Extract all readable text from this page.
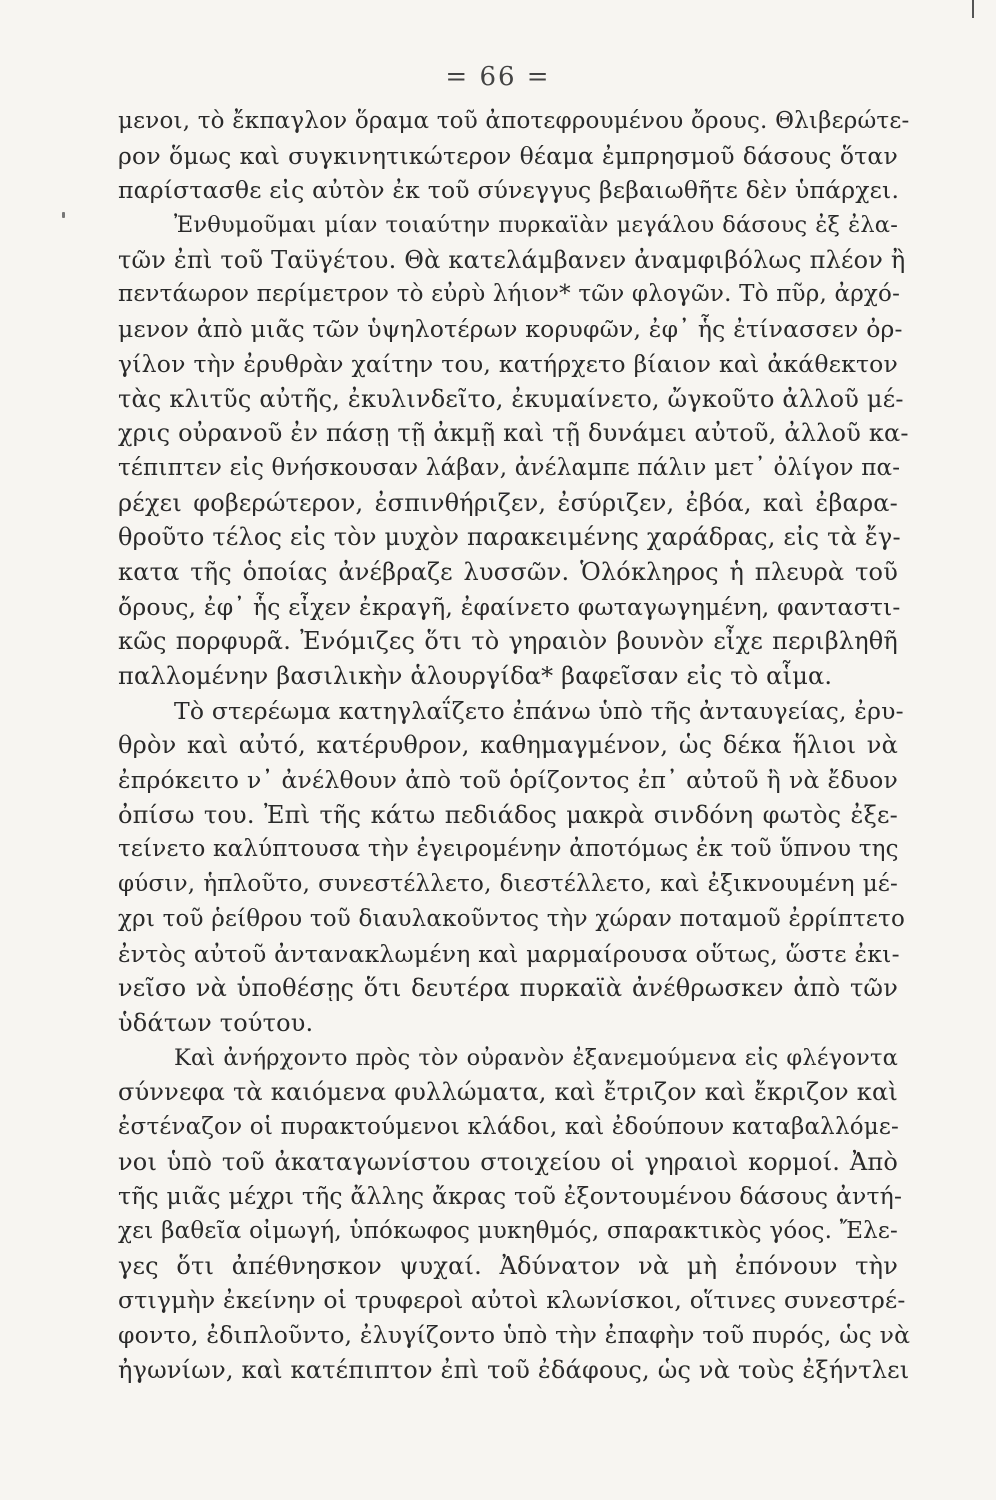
= 66 =
μενοι, τὸ ἔκπαγλον ὅραμα τοῦ ἀποτεφρουμένου ὄρους. Θλιβερώτε-
ρον ὅμως καὶ συγκινητικώτερον θέαμα ἐμπρησμοῦ δάσους ὅταν
παρίστασθε εἰς αὐτὸν ἐκ τοῦ σύνεγγυς βεβαιωθῆτε δὲν ὑπάρχει.
Ἐνθυμοῦμαι μίαν τοιαύτην πυρκαϊὰν μεγάλου δάσους ἐξ ἐλα-
τῶν ἐπὶ τοῦ Ταϋγέτου. Θὰ κατελάμβανεν ἀναμφιβόλως πλέον ἢ
πεντάωρον περίμετρον τὸ εὐρὺ λήιον* τῶν φλογῶν. Τὸ πῦρ, ἀρχό-
μενον ἀπὸ μιᾶς τῶν ὑψηλοτέρων κορυφῶν, ἐφ᾽ ἧς ἐτίνασσεν ὀρ-
γίλον τὴν ἐρυθρὰν χαίτην του, κατήρχετο βίαιον καὶ ἀκάθεκτον
τὰς κλιτῦς αὐτῆς, ἐκυλινδεῖτο, ἐκυμαίνετο, ὤγκοῦτο ἀλλοῦ μέ-
χρις οὐρανοῦ ἐν πάσῃ τῇ ἀκμῇ καὶ τῇ δυνάμει αὐτοῦ, ἀλλοῦ κα-
τέπιπτεν εἰς θνήσκουσαν λάβαν, ἀνέλαμπε πάλιν μετ᾽ ὀλίγον πα-
ρέχει φοβερώτερον, ἐσπινθήριζεν, ἐσύριζεν, ἐβόα, καὶ ἐβαρα-
θροῦτο τέλος εἰς τὸν μυχὸν παρακειμένης χαράδρας, εἰς τὰ ἔγ-
κατα τῆς ὁποίας ἀνέβραζε λυσσῶν. Ὁλόκληρος ἡ πλευρὰ τοῦ
ὄρους, ἐφ᾽ ἧς εἶχεν ἐκραγῆ, ἐφαίνετο φωταγωγημένη, φανταστι-
κῶς πορφυρᾶ. Ἐνόμιζες ὅτι τὸ γηραιὸν βουνὸν εἶχε περιβληθῆ
παλλομένην βασιλικὴν ἁλουργίδα* βαφεῖσαν εἰς τὸ αἷμα.
Τὸ στερέωμα κατηγλαΐζετο ἐπάνω ὑπὸ τῆς ἀνταυγείας, ἐρυ-
θρὸν καὶ αὐτό, κατέρυθρον, καθημαγμένον, ὡς δέκα ἥλιοι νὰ
ἐπρόκειτο ν᾽ ἀνέλθουν ἀπὸ τοῦ ὁρίζοντος ἐπ᾽ αὐτοῦ ἢ νὰ ἔδυον
ὀπίσω του. Ἐπὶ τῆς κάτω πεδιάδος μακρὰ σινδόνη φωτὸς ἐξε-
τείνετο καλύπτουσα τὴν ἐγειρομένην ἀποτόμως ἐκ τοῦ ὕπνου της
φύσιν, ἡπλοῦτο, συνεστέλλετο, διεστέλλετο, καὶ ἐξικνουμένη μέ-
χρι τοῦ ῥείθρου τοῦ διαυλακοῦντος τὴν χώραν ποταμοῦ ἐρρίπτετο
ἐντὸς αὐτοῦ ἀντανακλωμένη καὶ μαρμαίρουσα οὕτως, ὥστε ἐκι-
νεῖσο νὰ ὑποθέσῃς ὅτι δευτέρα πυρκαϊὰ ἀνέθρωσκεν ἀπὸ τῶν
ὑδάτων τούτου.
Καὶ ἀνήρχοντο πρὸς τὸν οὐρανὸν ἐξανεμούμενα εἰς φλέγοντα
σύννεφα τὰ καιόμενα φυλλώματα, καὶ ἔτριζον καὶ ἔκριζον καὶ
ἐστέναζον οἱ πυρακτούμενοι κλάδοι, καὶ ἐδούπουν καταβαλλόμε-
νοι ὑπὸ τοῦ ἀκαταγωνίστου στοιχείου οἱ γηραιοὶ κορμοί. Ἀπὸ
τῆς μιᾶς μέχρι τῆς ἄλλης ἄκρας τοῦ ἐξοντουμένου δάσους ἀντή-
χει βαθεῖα οἰμωγή, ὑπόκωφος μυκηθμός, σπαρακτικὸς γόος. Ἔλε-
γες ὅτι ἀπέθνησκον ψυχαί. Ἀδύνατον νὰ μὴ ἐπόνουν τὴν
στιγμὴν ἐκείνην οἱ τρυφεροὶ αὐτοὶ κλωνίσκοι, οἵτινες συνεστρέ-
φοντο, ἐδιπλοῦντο, ἐλυγίζοντο ὑπὸ τὴν ἐπαφὴν τοῦ πυρός, ὡς νὰ
ἠγωνίων, καὶ κατέπιπτον ἐπὶ τοῦ ἐδάφους, ὡς νὰ τοὺς ἐξήντλει
